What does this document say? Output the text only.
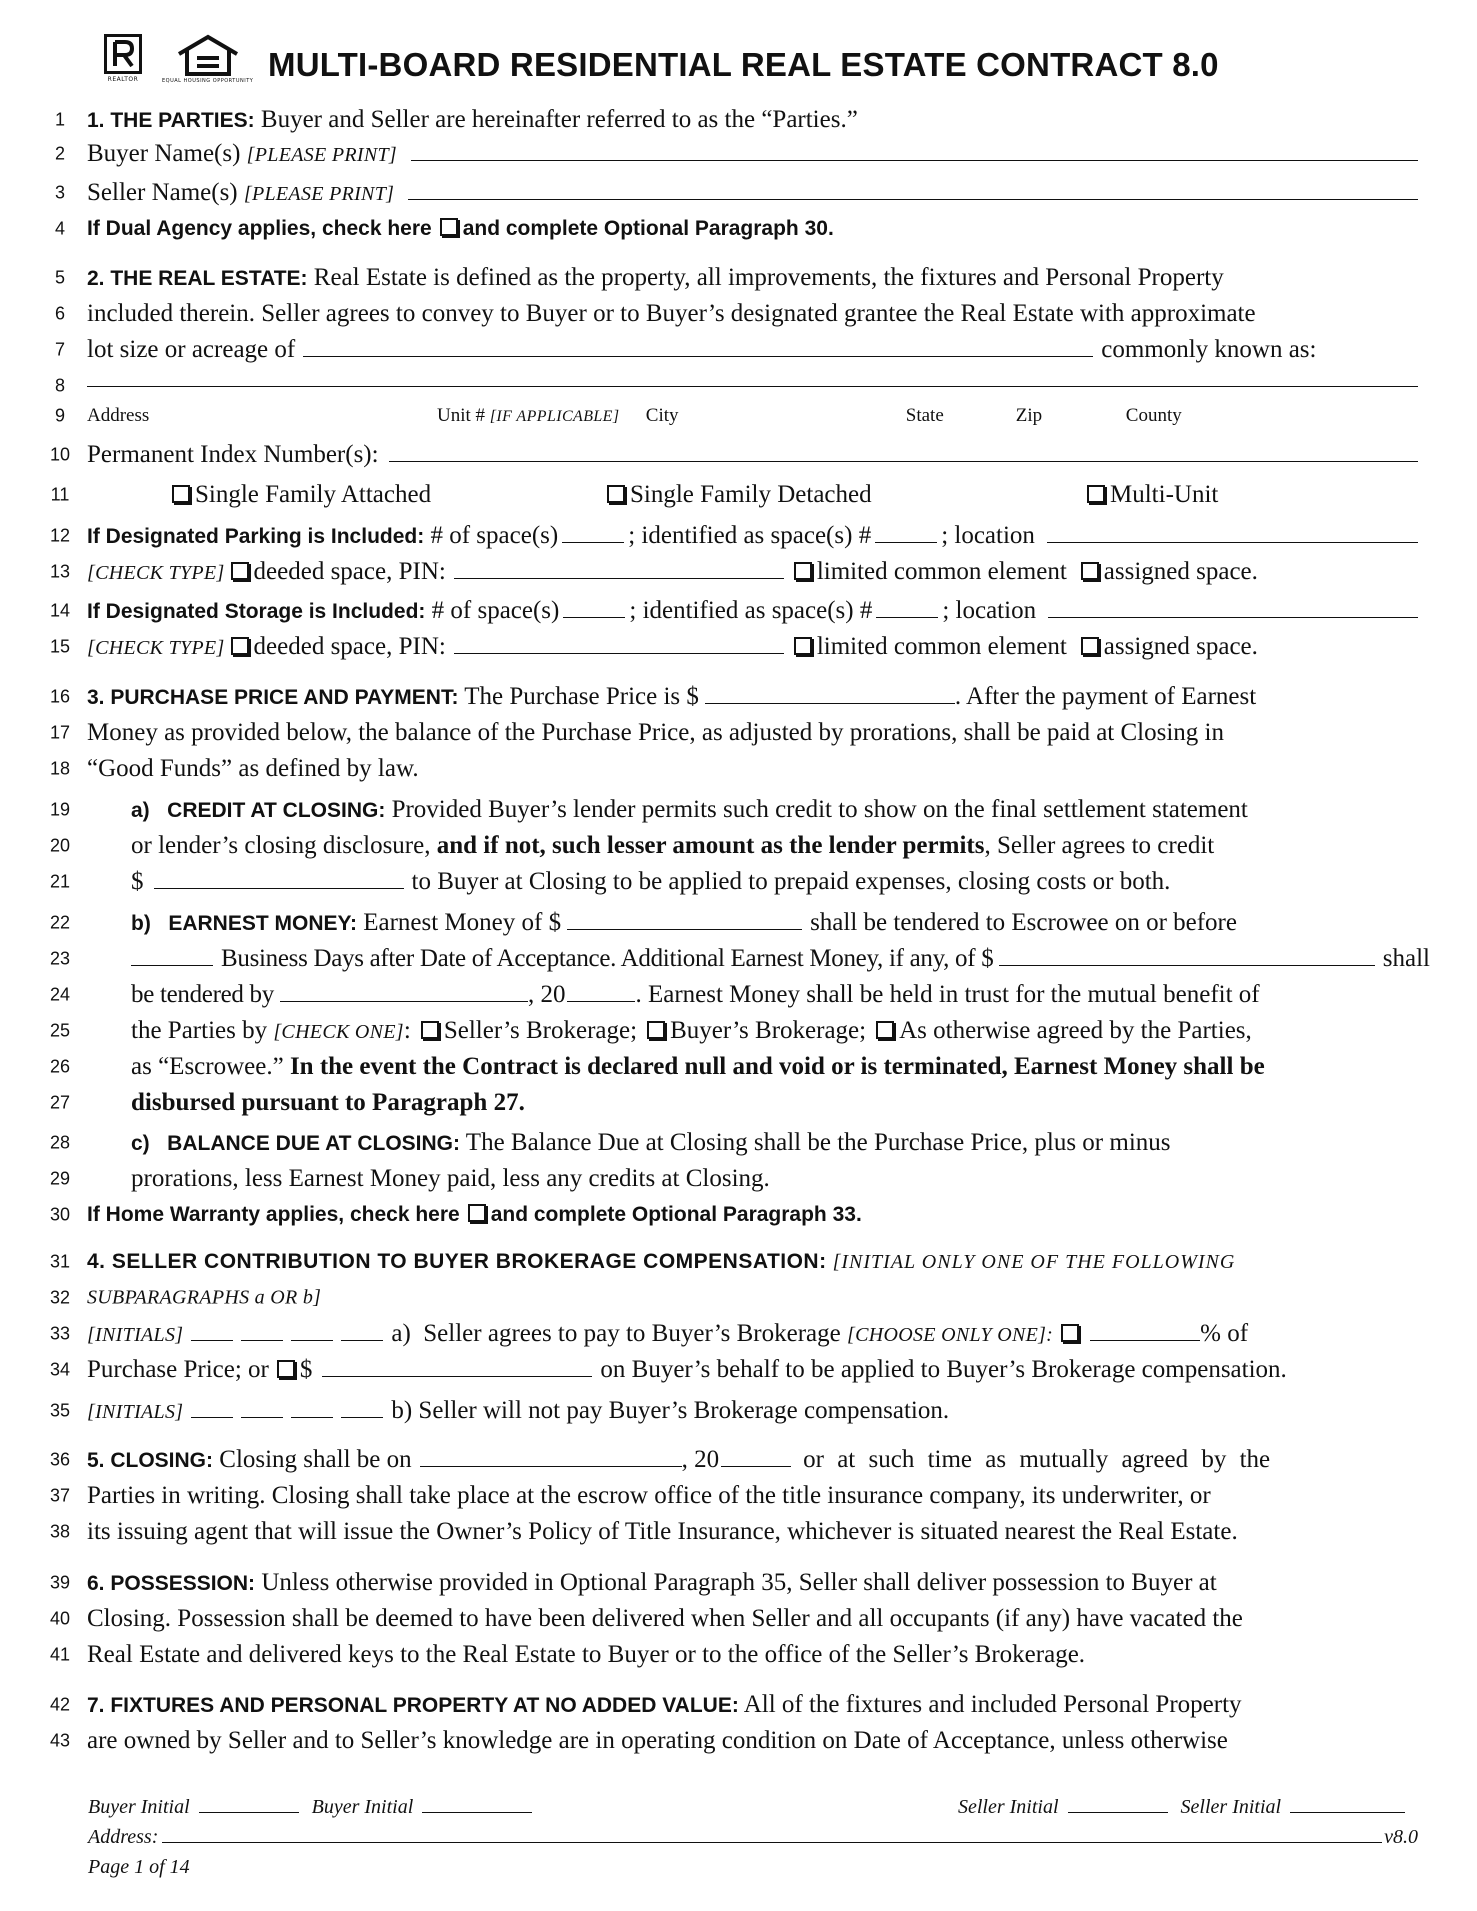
REALTOR	EQUAL HOUSING OPPORTUNITY MULTI-BOARD RESIDENTIAL REAL ESTATE CONTRACT 8.0
1	1. THE PARTIES: Buyer and Seller are hereinafter referred to as the “Parties.”
2 Buyer Name(s) [PLEASE PRINT]
3 Seller Name(s) [PLEASE PRINT]
4	If Dual Agency applies, check here and complete Optional Paragraph 30.
5	2. THE REAL ESTATE: Real Estate is defined as the property, all improvements, the fixtures and Personal Property
6 included therein. Seller agrees to convey to Buyer or to Buyer’s designated grantee the Real Estate with approximate
7 lot size or acreage of	commonly known as:
8
9	Address	Unit # [IF APPLICABLE]	City	State	Zip	County
10 Permanent Index Number(s):
11	Single Family Attached	Single Family Detached	Multi-Unit
12 If Designated Parking is Included: # of space(s)	; identified as space(s) #	; location
13 [CHECK TYPE] deeded space, PIN:	limited common element assigned space.
14 If Designated Storage is Included: # of space(s)	; identified as space(s) #	; location
15 [CHECK TYPE] deeded space, PIN:	limited common element assigned space.
16 3. PURCHASE PRICE AND PAYMENT: The Purchase Price is $	. After the payment of Earnest
17 Money as provided below, the balance of the Purchase Price, as adjusted by prorations, shall be paid at Closing in
18 “Good Funds” as defined by law.
19	a)   CREDIT AT CLOSING: Provided Buyer’s lender permits such credit to show on the final settlement statement
20	or lender’s closing disclosure, and if not, such lesser amount as the lender permits , Seller agrees to credit
21	$	to Buyer at Closing to be applied to prepaid expenses, closing costs or both.
22	b)   EARNEST MONEY: Earnest Money of $	shall be tendered to Escrowee on or before
23	Business Days after Date of Acceptance. Additional Earnest Money, if any, of $	shall
24	be tendered by	, 20	. Earnest Money shall be held in trust for the mutual benefit of
25	the Parties by [CHECK ONE] : Seller’s Brokerage; Buyer’s Brokerage; As otherwise agreed by the Parties,
26	as “Escrowee.” In the event the Contract is declared null and void or is terminated, Earnest Money shall be
27	disbursed pursuant to Paragraph 27.
28	c)   BALANCE DUE AT CLOSING: The Balance Due at Closing shall be the Purchase Price, plus or minus
29	prorations, less Earnest Money paid, less any credits at Closing.
30 If Home Warranty applies, check here and complete Optional Paragraph 33.
31 4. SELLER CONTRIBUTION TO BUYER BROKERAGE COMPENSATION: [INITIAL ONLY ONE OF THE FOLLOWING
32 SUBPARAGRAPHS a OR b]
33 [INITIALS]	a)  Seller agrees to pay to Buyer’s Brokerage [CHOOSE ONLY ONE]:	% of
34 Purchase Price; or $	on Buyer’s behalf to be applied to Buyer’s Brokerage compensation.
35 [INITIALS]	b) Seller will not pay Buyer’s Brokerage compensation.
36 5. CLOSING: Closing shall be on	, 20	or at such time as mutually agreed by the
37 Parties in writing. Closing shall take place at the escrow office of the title insurance company, its underwriter, or
38 its issuing agent that will issue the Owner’s Policy of Title Insurance, whichever is situated nearest the Real Estate.
39 6. POSSESSION: Unless otherwise provided in Optional Paragraph 35, Seller shall deliver possession to Buyer at
40 Closing. Possession shall be deemed to have been delivered when Seller and all occupants (if any) have vacated the
41 Real Estate and delivered keys to the Real Estate to Buyer or to the office of the Seller’s Brokerage.
42 7. FIXTURES AND PERSONAL PROPERTY AT NO ADDED VALUE: All of the fixtures and included Personal Property
43 are owned by Seller and to Seller’s knowledge are in operating condition on Date of Acceptance, unless otherwise
Buyer Initial	Buyer Initial	Seller Initial	Seller Initial
Address:	v8.0
Page 1 of 14
